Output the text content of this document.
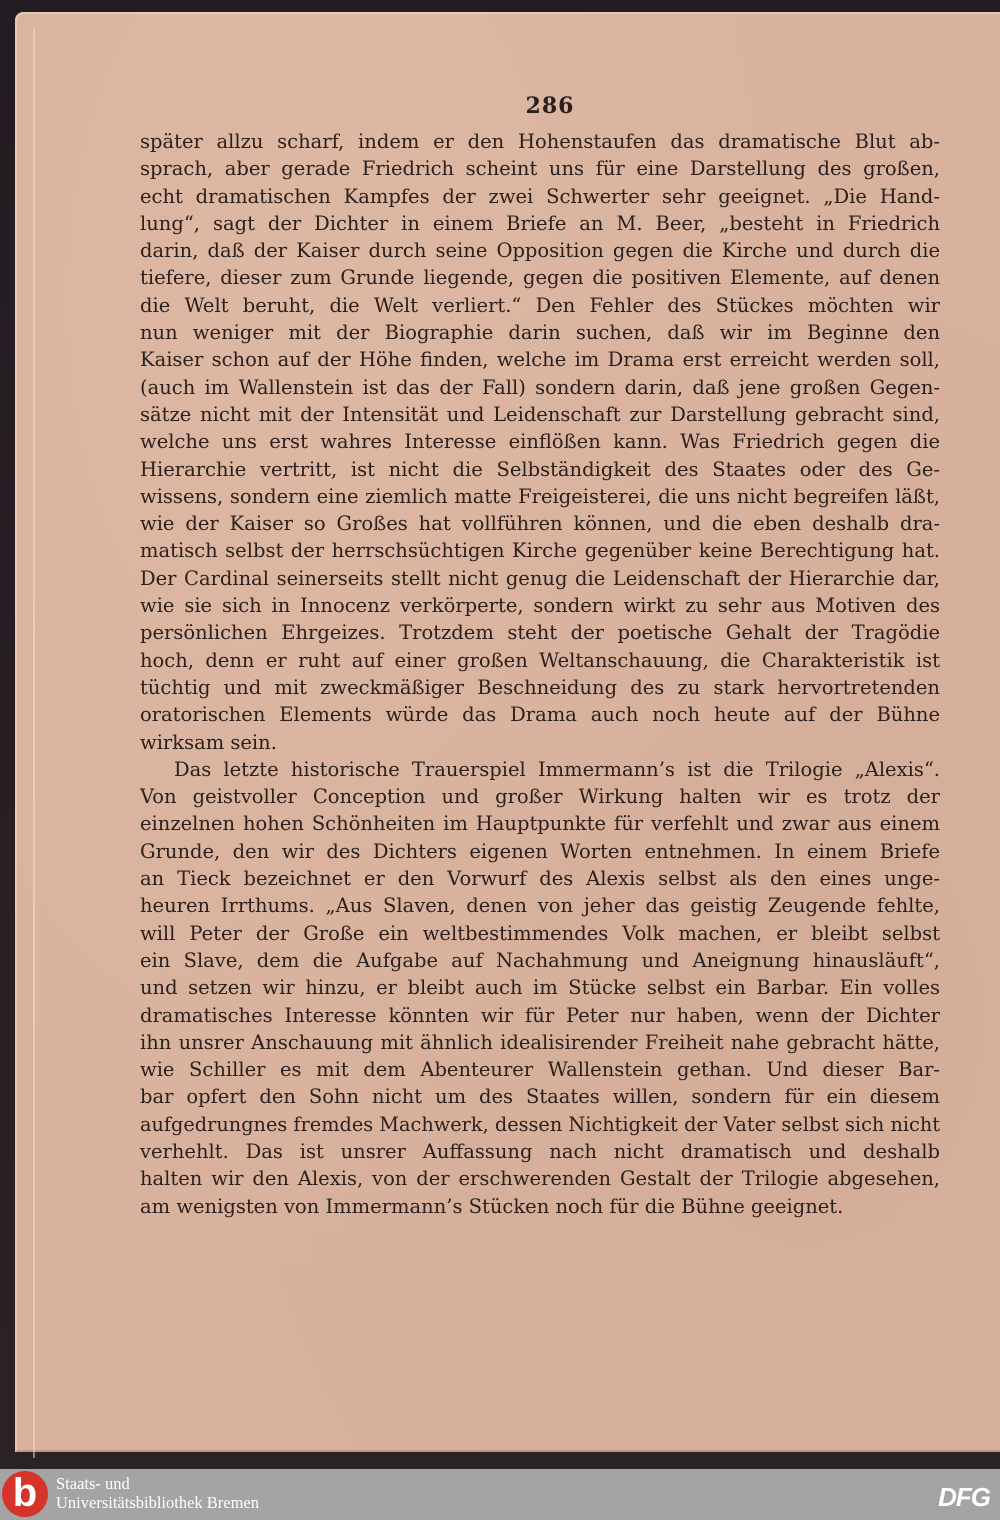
286
später allzu scharf, indem er den Hohenstaufen das dramatische Blut ab-
sprach, aber gerade Friedrich scheint uns für eine Darstellung des großen,
echt dramatischen Kampfes der zwei Schwerter sehr geeignet. „Die Hand-
lung“, sagt der Dichter in einem Briefe an M. Beer, „besteht in Friedrich
darin, daß der Kaiser durch seine Opposition gegen die Kirche und durch die
tiefere, dieser zum Grunde liegende, gegen die positiven Elemente, auf denen
die Welt beruht, die Welt verliert.“ Den Fehler des Stückes möchten wir
nun weniger mit der Biographie darin suchen, daß wir im Beginne den
Kaiser schon auf der Höhe finden, welche im Drama erst erreicht werden soll,
(auch im Wallenstein ist das der Fall) sondern darin, daß jene großen Gegen-
sätze nicht mit der Intensität und Leidenschaft zur Darstellung gebracht sind,
welche uns erst wahres Interesse einflößen kann. Was Friedrich gegen die
Hierarchie vertritt, ist nicht die Selbständigkeit des Staates oder des Ge-
wissens, sondern eine ziemlich matte Freigeisterei, die uns nicht begreifen läßt,
wie der Kaiser so Großes hat vollführen können, und die eben deshalb dra-
matisch selbst der herrschsüchtigen Kirche gegenüber keine Berechtigung hat.
Der Cardinal seinerseits stellt nicht genug die Leidenschaft der Hierarchie dar,
wie sie sich in Innocenz verkörperte, sondern wirkt zu sehr aus Motiven des
persönlichen Ehrgeizes. Trotzdem steht der poetische Gehalt der Tragödie
hoch, denn er ruht auf einer großen Weltanschauung, die Charakteristik ist
tüchtig und mit zweckmäßiger Beschneidung des zu stark hervortretenden
oratorischen Elements würde das Drama auch noch heute auf der Bühne
wirksam sein.
Das letzte historische Trauerspiel Immermann’s ist die Trilogie „Alexis“.
Von geistvoller Conception und großer Wirkung halten wir es trotz der
einzelnen hohen Schönheiten im Hauptpunkte für verfehlt und zwar aus einem
Grunde, den wir des Dichters eigenen Worten entnehmen. In einem Briefe
an Tieck bezeichnet er den Vorwurf des Alexis selbst als den eines unge-
heuren Irrthums. „Aus Slaven, denen von jeher das geistig Zeugende fehlte,
will Peter der Große ein weltbestimmendes Volk machen, er bleibt selbst
ein Slave, dem die Aufgabe auf Nachahmung und Aneignung hinausläuft“,
und setzen wir hinzu, er bleibt auch im Stücke selbst ein Barbar. Ein volles
dramatisches Interesse könnten wir für Peter nur haben, wenn der Dichter
ihn unsrer Anschauung mit ähnlich idealisirender Freiheit nahe gebracht hätte,
wie Schiller es mit dem Abenteurer Wallenstein gethan. Und dieser Bar-
bar opfert den Sohn nicht um des Staates willen, sondern für ein diesem
aufgedrungnes fremdes Machwerk, dessen Nichtigkeit der Vater selbst sich nicht
verhehlt. Das ist unsrer Auffassung nach nicht dramatisch und deshalb
halten wir den Alexis, von der erschwerenden Gestalt der Trilogie abgesehen,
am wenigsten von Immermann’s Stücken noch für die Bühne geeignet.
b	Staats- und
Universitätsbibliothek Bremen	DFG
